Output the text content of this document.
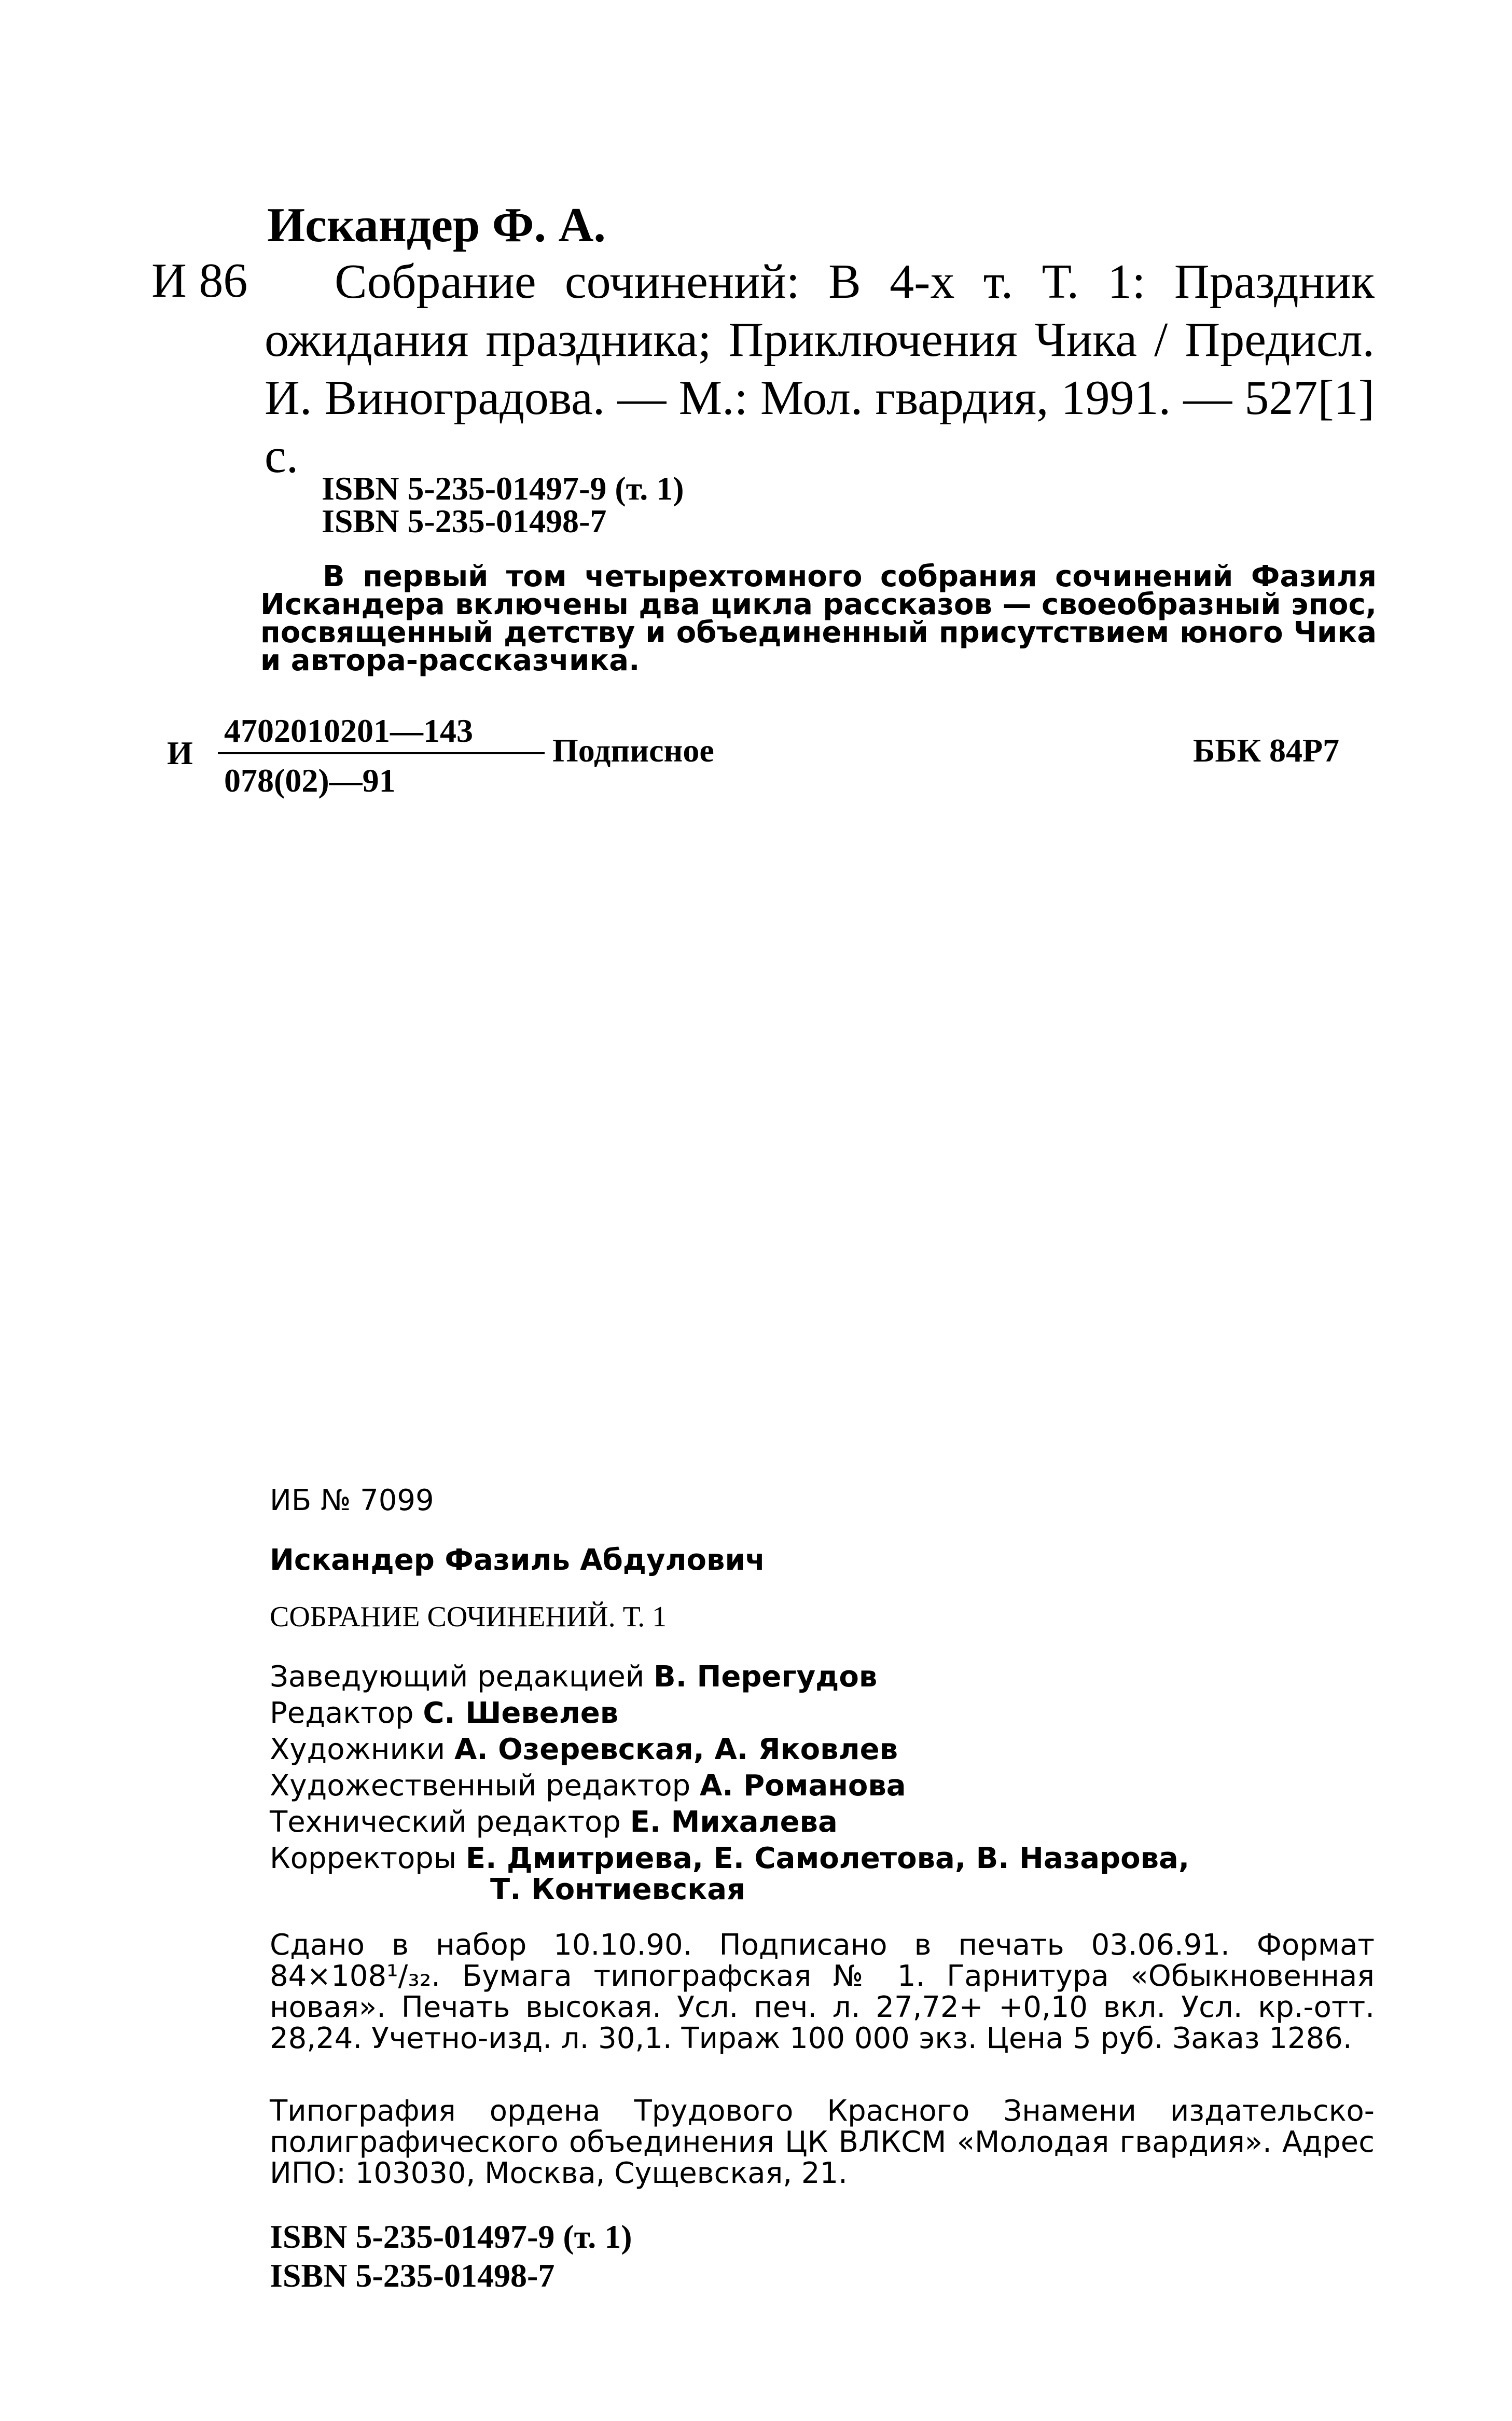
Искандер Ф. А.
И 86	Собрание сочинений: В 4-х т. Т. 1: Праздник ожидания праздника; Приключения Чика / Предисл. И. Виноградова. — М.: Мол. гвардия, 1991. — 527[1] с.
ISBN 5-235-01497-9 (т. 1)
ISBN 5-235-01498-7
В первый том четырехтомного собрания сочинений Фазиля Искандера включены два цикла рассказов — своеобразный эпос, посвященный детству и объединенный присутствием юного Чика и автора-рассказчика.
И
4702010201—143
078(02)—91
Подписное	ББК 84Р7
ИБ № 7099
Искандер Фазиль Абдулович
СОБРАНИЕ СОЧИНЕНИЙ. Т. 1
Заведующий редакцией В. Перегудов
Редактор С. Шевелев
Художники А. Озеревская, А. Яковлев
Художественный редактор А. Романова
Технический редактор Е. Михалева
Корректоры Е. Дмитриева, Е. Самолетова, В. Назарова,
Т. Контиевская
Сдано в набор 10.10.90. Подписано в печать 03.06.91. Формат 84×108¹/₃₂. Бумага типографская № 1. Гарнитура «Обыкновенная новая». Печать высокая. Усл. печ. л. 27,72+ +0,10 вкл. Усл. кр.-отт. 28,24. Учетно-изд. л. 30,1. Тираж 100 000 экз. Цена 5 руб. Заказ 1286.
Типография ордена Трудового Красного Знамени издательско-полиграфического объединения ЦК ВЛКСМ «Молодая гвардия». Адрес ИПО: 103030, Москва, Сущевская, 21.
ISBN 5-235-01497-9 (т. 1)
ISBN 5-235-01498-7
